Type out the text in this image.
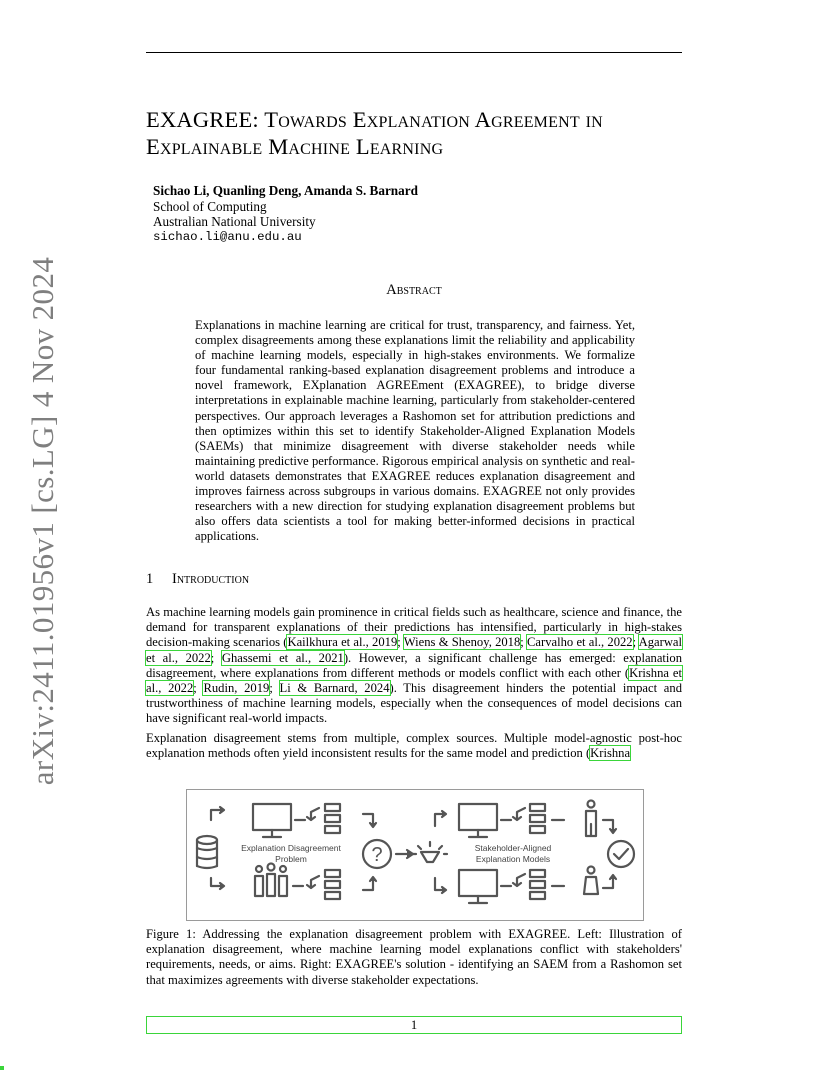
EXAGREE: Towards Explanation Agreement in
Explainable Machine Learning
Sichao Li, Quanling Deng, Amanda S. Barnard
School of Computing
Australian National University
sichao.li@anu.edu.au
Abstract
Explanations in machine learning are critical for trust, transparency, and fairness. Yet, complex disagreements among these explanations limit the reliability and applicability of machine learning models, especially in high-stakes environments. We formalize four fundamental ranking-based explanation disagreement problems and introduce a novel framework, EXplanation AGREEment (EXAGREE), to bridge diverse interpretations in explainable machine learning, particularly from stakeholder-centered perspectives. Our approach leverages a Rashomon set for attribution predictions and then optimizes within this set to identify Stakeholder-Aligned Explanation Models (SAEMs) that minimize disagreement with diverse stakeholder needs while maintaining predictive performance. Rigorous empirical analysis on synthetic and real-world datasets demonstrates that EXAGREE reduces explanation disagreement and improves fairness across subgroups in various domains. EXAGREE not only provides researchers with a new direction for studying explanation disagreement problems but also offers data scientists a tool for making better-informed decisions in practical applications.
1 Introduction
As machine learning models gain prominence in critical fields such as healthcare, science and finance, the demand for transparent explanations of their predictions has intensified, particularly in high-stakes decision-making scenarios (Kailkhura et al., 2019; Wiens & Shenoy, 2018; Carvalho et al., 2022; Agarwal et al., 2022; Ghassemi et al., 2021). However, a significant challenge has emerged: explanation disagreement, where explanations from different methods or models conflict with each other (Krishna et al., 2022; Rudin, 2019; Li & Barnard, 2024). This disagreement hinders the potential impact and trustworthiness of machine learning models, especially when the consequences of model decisions can have significant real-world impacts.
Explanation disagreement stems from multiple, complex sources. Multiple model-agnostic post-hoc explanation methods often yield inconsistent results for the same model and prediction (Krishna
Explanation Disagreement
Problem	?	Stakeholder-Aligned
Explanation Models
Figure 1: Addressing the explanation disagreement problem with EXAGREE. Left: Illustration of explanation disagreement, where machine learning model explanations conflict with stakeholders' requirements, needs, or aims. Right: EXAGREE's solution - identifying an SAEM from a Rashomon set that maximizes agreements with diverse stakeholder expectations.
1
arXiv:2411.01956v1 [cs.LG] 4 Nov 2024
